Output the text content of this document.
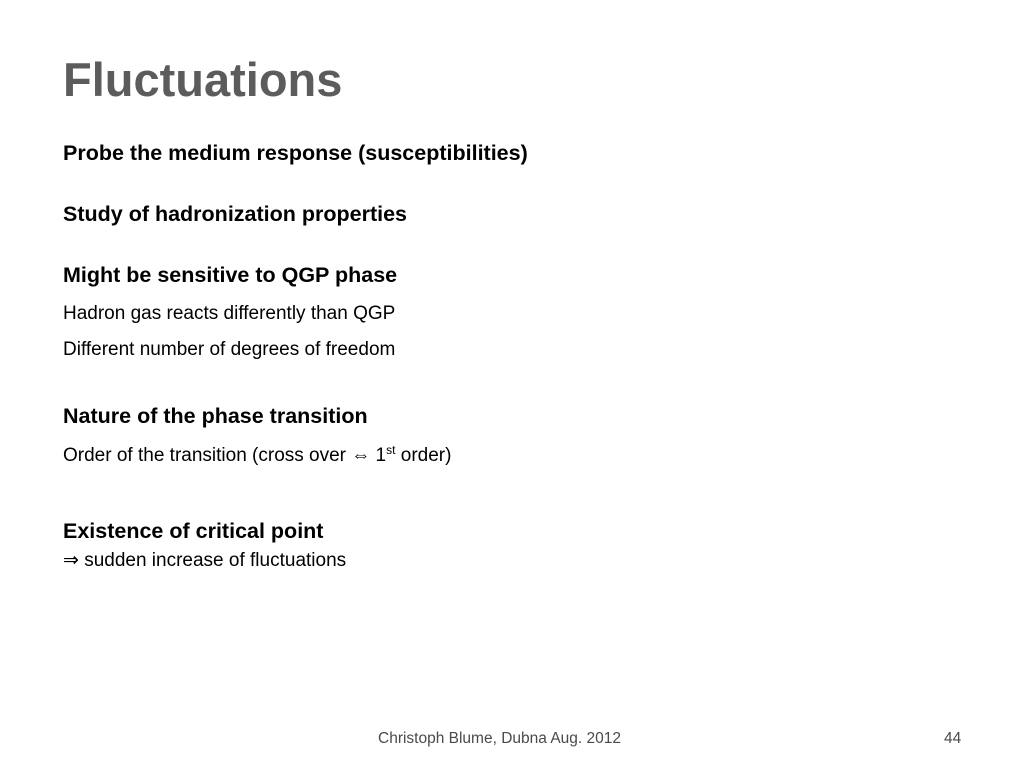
Fluctuations
Probe the medium response (susceptibilities)
Study of hadronization properties
Might be sensitive to QGP phase
Hadron gas reacts differently than QGP
Different number of degrees of freedom
Nature of the phase transition
Order of the transition (cross over ⇔ 1st order)
Existence of critical point
⇒ sudden increase of fluctuations
Christoph Blume, Dubna Aug. 2012	44
